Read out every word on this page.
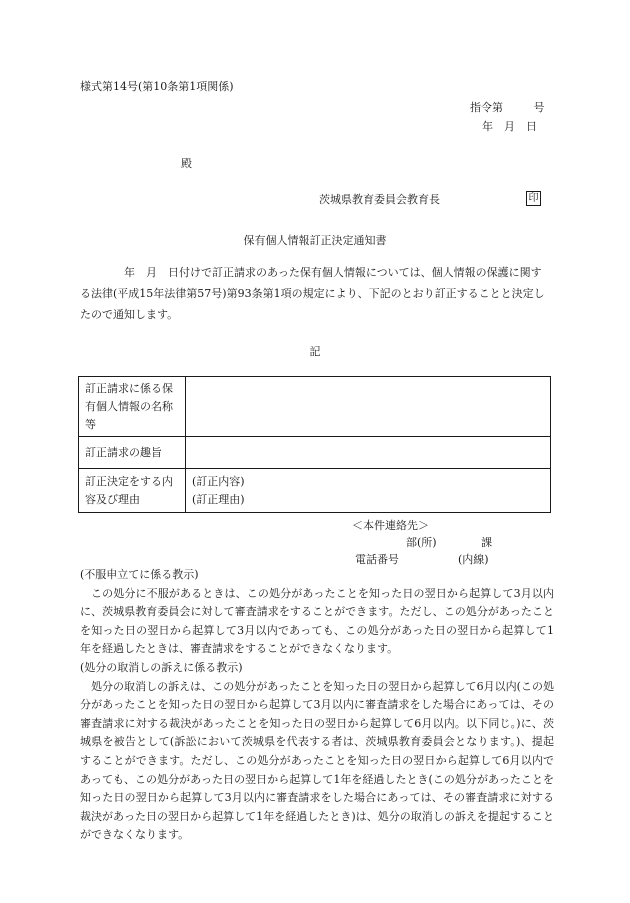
様式第14号(第10条第1項関係)
指令第　 号
年　月　日
殿
茨城県教育委員会教育長	印
保有個人情報訂正決定通知書

　　　　年　月　日付けで訂正請求のあった保有個人情報については、個人情報の保護に関する法律(平成15年法律第57号)第93条第1項の規定により、下記のとおり訂正することと決定したので通知します。

記
訂正請求に係る保有個人情報の名称等	
訂正請求の趣旨	
訂正決定をする内容及び理由	(訂正内容)
(訂正理由)
＜本件連絡先＞
部(所)　 課
電話番号	(内線)

(不服申立てに係る教示)

この処分に不服があるときは、この処分があったことを知った日の翌日から起算して3月以内に、茨城県教育委員会に対して審査請求をすることができます。ただし、この処分があったことを知った日の翌日から起算して3月以内であっても、この処分があった日の翌日から起算して1年を経過したときは、審査請求をすることができなくなります。

(処分の取消しの訴えに係る教示)

処分の取消しの訴えは、この処分があったことを知った日の翌日から起算して6月以内(この処分があったことを知った日の翌日から起算して3月以内に審査請求をした場合にあっては、その審査請求に対する裁決があったことを知った日の翌日から起算して6月以内。以下同じ。)に、茨城県を被告として(訴訟において茨城県を代表する者は、茨城県教育委員会となります。)、提起することができます。ただし、この処分があったことを知った日の翌日から起算して6月以内であっても、この処分があった日の翌日から起算して1年を経過したとき(この処分があったことを知った日の翌日から起算して3月以内に審査請求をした場合にあっては、その審査請求に対する裁決があった日の翌日から起算して1年を経過したとき)は、処分の取消しの訴えを提起することができなくなります。
